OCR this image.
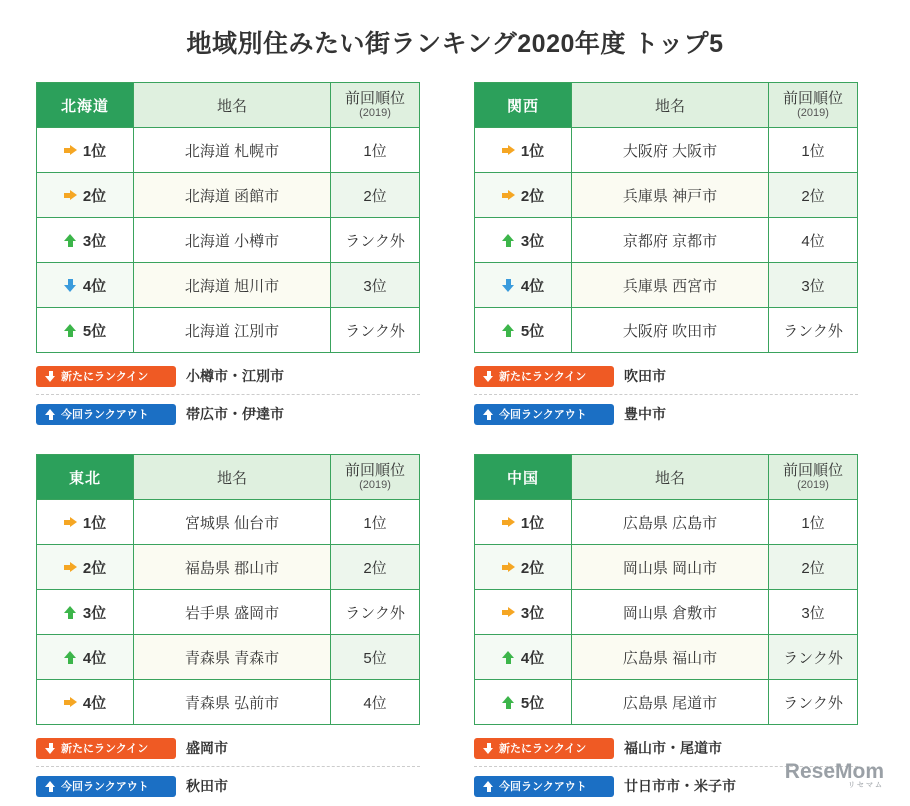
地域別住みたい街ランキング2020年度 トップ5
北海道	地名	前回順位
(2019)

1位	北海道 札幌市	1位

2位	北海道 函館市	2位

3位	北海道 小樽市	ランク外

4位	北海道 旭川市	3位

5位	北海道 江別市	ランク外
新たにランクイン	小樽市・江別市
今回ランクアウト	帯広市・伊達市
関西	地名	前回順位
(2019)

1位	大阪府 大阪市	1位

2位	兵庫県 神戸市	2位

3位	京都府 京都市	4位

4位	兵庫県 西宮市	3位

5位	大阪府 吹田市	ランク外
新たにランクイン	吹田市
今回ランクアウト	豊中市
東北	地名	前回順位
(2019)

1位	宮城県 仙台市	1位

2位	福島県 郡山市	2位

3位	岩手県 盛岡市	ランク外

4位	青森県 青森市	5位

4位	青森県 弘前市	4位
新たにランクイン	盛岡市
今回ランクアウト	秋田市
中国	地名	前回順位
(2019)

1位	広島県 広島市	1位

2位	岡山県 岡山市	2位

3位	岡山県 倉敷市	3位

4位	広島県 福山市	ランク外

5位	広島県 尾道市	ランク外
新たにランクイン	福山市・尾道市
今回ランクアウト	廿日市市・米子市
ReseMom
リセマム
